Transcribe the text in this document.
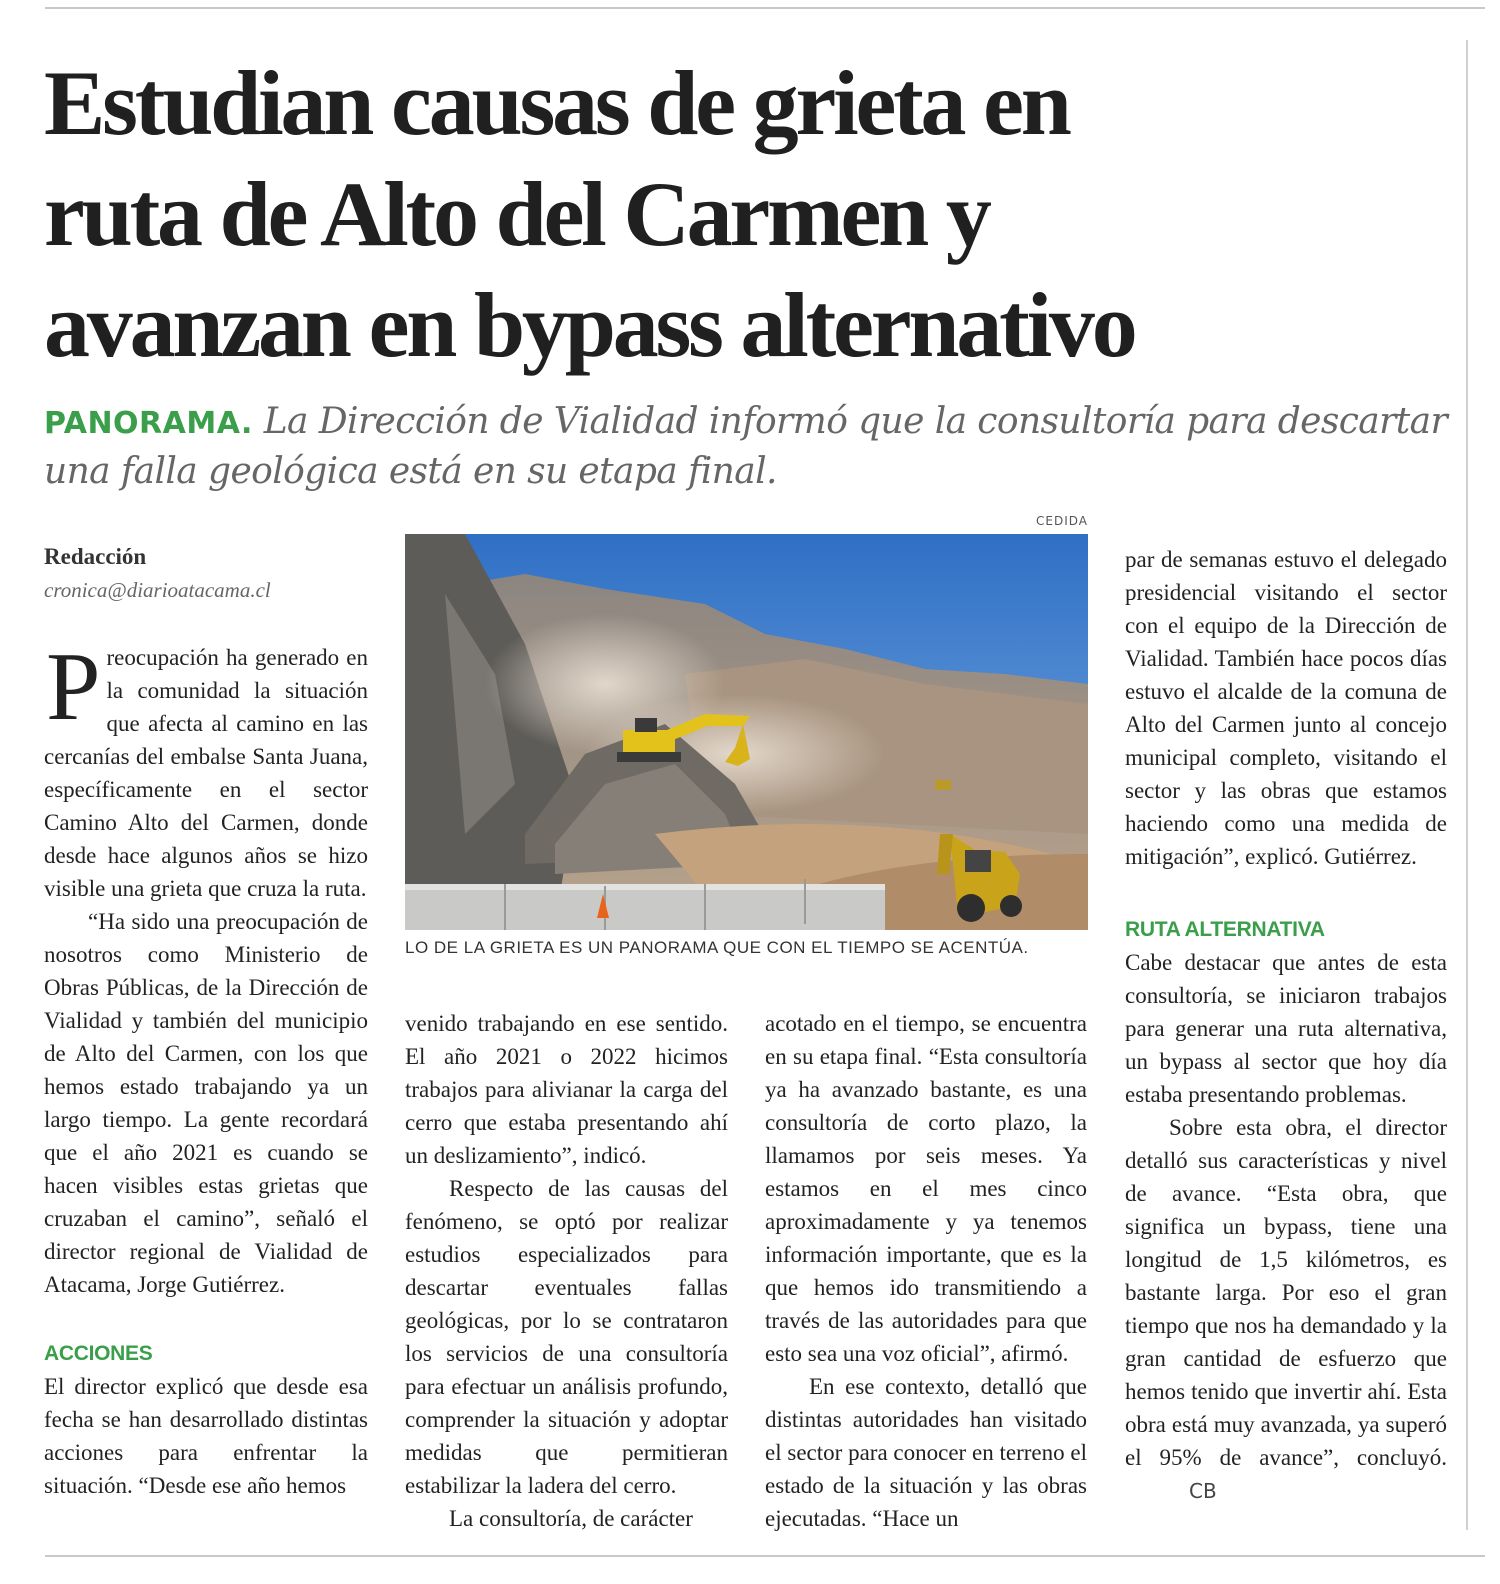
Estudian causas de grieta en
ruta de Alto del Carmen y
avanzan en bypass alternativo
PANORAMA. La Dirección de Vialidad informó que la consultoría para descartar una falla geológica está en su etapa final.
Redacción
cronica@diarioatacama.cl
CEDIDA
LO DE LA GRIETA ES UN PANORAMA QUE CON EL TIEMPO SE ACENTÚA.

Preocupación ha generado en la comunidad la situación que afecta al camino en las cercanías del embalse Santa Juana, específicamente en el sector Camino Alto del Carmen, donde desde hace algunos años se hizo visible una grieta que cruza la ruta.

“Ha sido una preocupación de nosotros como Ministerio de Obras Públicas, de la Dirección de Vialidad y también del municipio de Alto del Carmen, con los que hemos estado trabajando ya un largo tiempo. La gente recordará que el año 2021 es cuando se hacen visibles estas grietas que cruzaban el camino”, señaló el director regional de Vialidad de Atacama, Jorge Gutiérrez.

ACCIONES

El director explicó que desde esa fecha se han desarrollado distintas acciones para enfrentar la situación. “Desde ese año hemos

venido trabajando en ese sentido. El año 2021 o 2022 hicimos trabajos para alivianar la carga del cerro que estaba presentando ahí un deslizamiento”, indicó.

Respecto de las causas del fenómeno, se optó por realizar estudios especializados para descartar eventuales fallas geológicas, por lo se contrataron los servicios de una consultoría para efectuar un análisis profundo, comprender la situación y adoptar medidas que permitieran estabilizar la ladera del cerro.

La consultoría, de carácter

acotado en el tiempo, se encuentra en su etapa final. “Esta consultoría ya ha avanzado bastante, es una consultoría de corto plazo, la llamamos por seis meses. Ya estamos en el mes cinco aproximadamente y ya tenemos información importante, que es la que hemos ido transmitiendo a través de las autoridades para que esto sea una voz oficial”, afirmó.

En ese contexto, detalló que distintas autoridades han visitado el sector para conocer en terreno el estado de la situación y las obras ejecutadas. “Hace un

par de semanas estuvo el delegado presidencial visitando el sector con el equipo de la Dirección de Vialidad. También hace pocos días estuvo el alcalde de la comuna de Alto del Carmen junto al concejo municipal completo, visitando el sector y las obras que estamos haciendo como una medida de mitigación”, explicó. Gutiérrez.

RUTA ALTERNATIVA

Cabe destacar que antes de esta consultoría, se iniciaron trabajos para generar una ruta alternativa, un bypass al sector que hoy día estaba presentando problemas.

Sobre esta obra, el director detalló sus características y nivel de avance. “Esta obra, que significa un bypass, tiene una longitud de 1,5 kilómetros, es bastante larga. Por eso el gran tiempo que nos ha demandado y la gran cantidad de esfuerzo que hemos tenido que invertir ahí. Esta obra está muy avanzada, ya superó el 95% de avance”, concluyó.CB
